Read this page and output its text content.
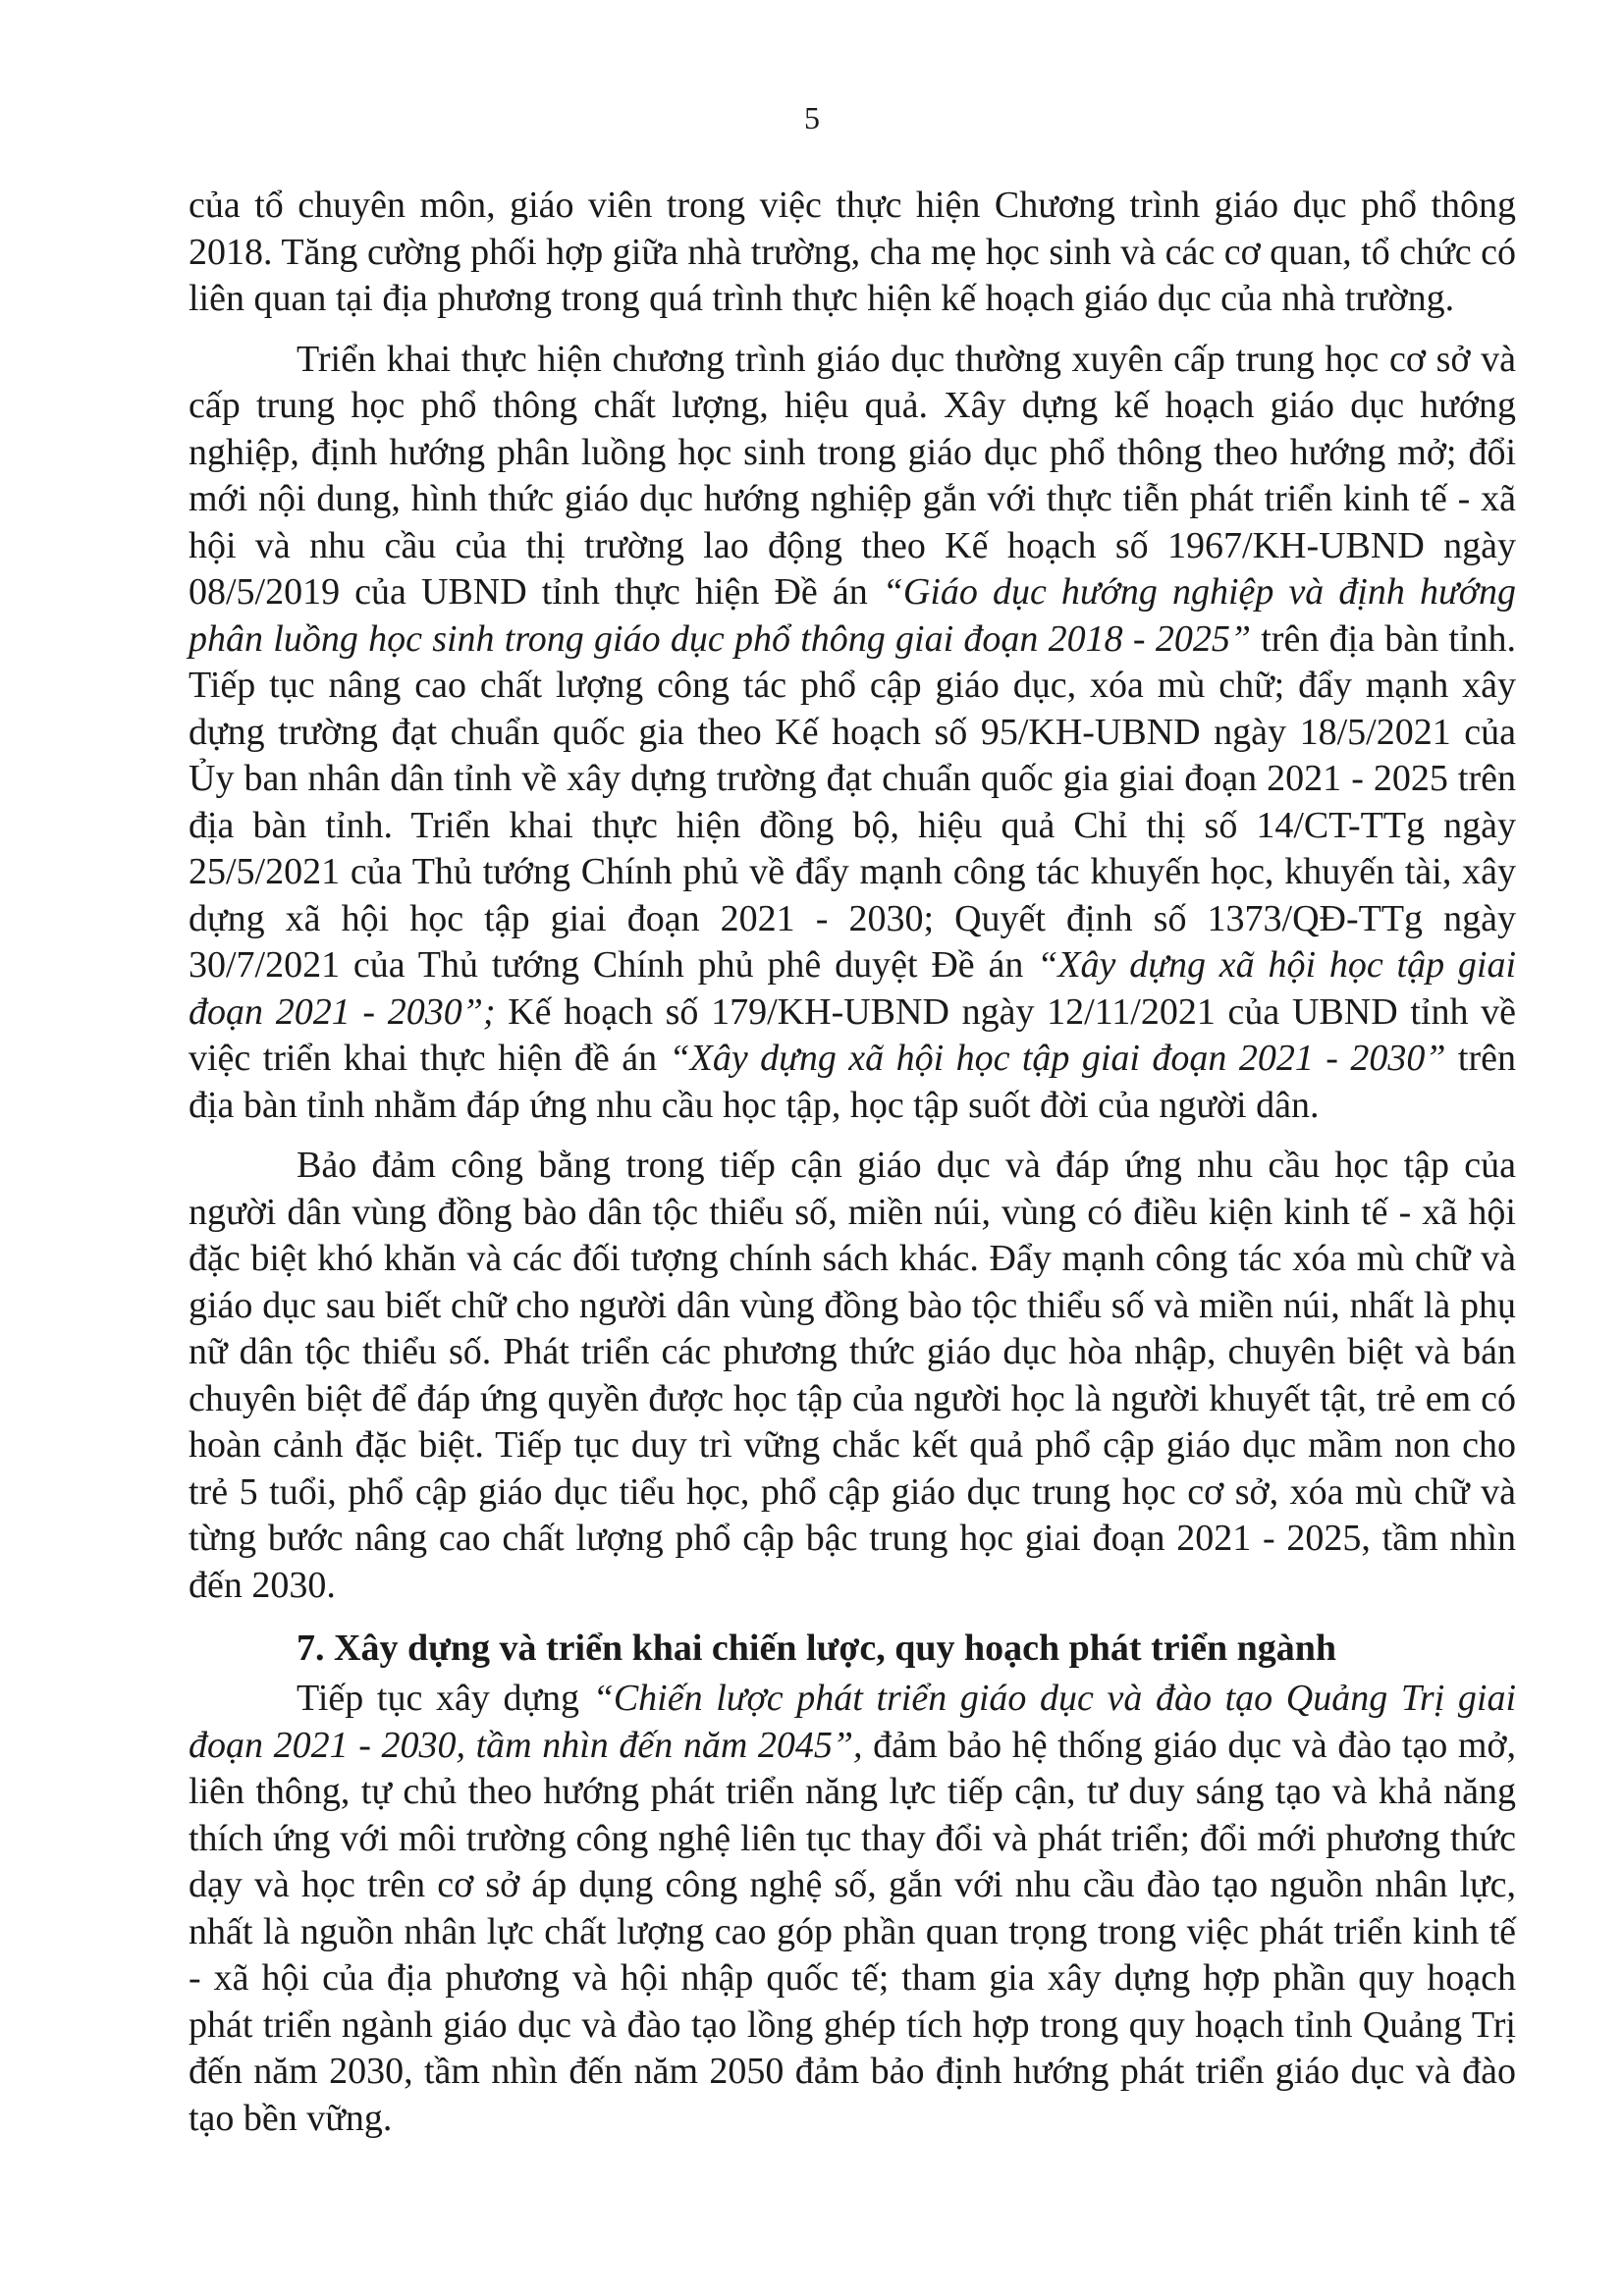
5

của tổ chuyên môn, giáo viên trong việc thực hiện Chương trình giáo dục phổ thông 2018. Tăng cường phối hợp giữa nhà trường, cha mẹ học sinh và các cơ quan, tổ chức có liên quan tại địa phương trong quá trình thực hiện kế hoạch giáo dục của nhà trường.

Triển khai thực hiện chương trình giáo dục thường xuyên cấp trung học cơ sở và cấp trung học phổ thông chất lượng, hiệu quả. Xây dựng kế hoạch giáo dục hướng nghiệp, định hướng phân luồng học sinh trong giáo dục phổ thông theo hướng mở; đổi mới nội dung, hình thức giáo dục hướng nghiệp gắn với thực tiễn phát triển kinh tế - xã hội và nhu cầu của thị trường lao động theo Kế hoạch số 1967/KH-UBND ngày 08/5/2019 của UBND tỉnh thực hiện Đề án “Giáo dục hướng nghiệp và định hướng phân luồng học sinh trong giáo dục phổ thông giai đoạn 2018 - 2025” trên địa bàn tỉnh. Tiếp tục nâng cao chất lượng công tác phổ cập giáo dục, xóa mù chữ; đẩy mạnh xây dựng trường đạt chuẩn quốc gia theo Kế hoạch số 95/KH-UBND ngày 18/5/2021 của Ủy ban nhân dân tỉnh về xây dựng trường đạt chuẩn quốc gia giai đoạn 2021 - 2025 trên địa bàn tỉnh. Triển khai thực hiện đồng bộ, hiệu quả Chỉ thị số 14/CT-TTg ngày 25/5/2021 của Thủ tướng Chính phủ về đẩy mạnh công tác khuyến học, khuyến tài, xây dựng xã hội học tập giai đoạn 2021 - 2030; Quyết định số 1373/QĐ-TTg ngày 30/7/2021 của Thủ tướng Chính phủ phê duyệt Đề án “Xây dựng xã hội học tập giai đoạn 2021 - 2030”; Kế hoạch số 179/KH-UBND ngày 12/11/2021 của UBND tỉnh về việc triển khai thực hiện đề án “Xây dựng xã hội học tập giai đoạn 2021 - 2030” trên địa bàn tỉnh nhằm đáp ứng nhu cầu học tập, học tập suốt đời của người dân.

Bảo đảm công bằng trong tiếp cận giáo dục và đáp ứng nhu cầu học tập của người dân vùng đồng bào dân tộc thiểu số, miền núi, vùng có điều kiện kinh tế - xã hội đặc biệt khó khăn và các đối tượng chính sách khác. Đẩy mạnh công tác xóa mù chữ và giáo dục sau biết chữ cho người dân vùng đồng bào tộc thiểu số và miền núi, nhất là phụ nữ dân tộc thiểu số. Phát triển các phương thức giáo dục hòa nhập, chuyên biệt và bán chuyên biệt để đáp ứng quyền được học tập của người học là người khuyết tật, trẻ em có hoàn cảnh đặc biệt. Tiếp tục duy trì vững chắc kết quả phổ cập giáo dục mầm non cho trẻ 5 tuổi, phổ cập giáo dục tiểu học, phổ cập giáo dục trung học cơ sở, xóa mù chữ và từng bước nâng cao chất lượng phổ cập bậc trung học giai đoạn 2021 - 2025, tầm nhìn đến 2030.

7. Xây dựng và triển khai chiến lược, quy hoạch phát triển ngành

Tiếp tục xây dựng “Chiến lược phát triển giáo dục và đào tạo Quảng Trị giai đoạn 2021 - 2030, tầm nhìn đến năm 2045”, đảm bảo hệ thống giáo dục và đào tạo mở, liên thông, tự chủ theo hướng phát triển năng lực tiếp cận, tư duy sáng tạo và khả năng thích ứng với môi trường công nghệ liên tục thay đổi và phát triển; đổi mới phương thức dạy và học trên cơ sở áp dụng công nghệ số, gắn với nhu cầu đào tạo nguồn nhân lực, nhất là nguồn nhân lực chất lượng cao góp phần quan trọng trong việc phát triển kinh tế - xã hội của địa phương và hội nhập quốc tế; tham gia xây dựng hợp phần quy hoạch phát triển ngành giáo dục và đào tạo lồng ghép tích hợp trong quy hoạch tỉnh Quảng Trị đến năm 2030, tầm nhìn đến năm 2050 đảm bảo định hướng phát triển giáo dục và đào tạo bền vững.
